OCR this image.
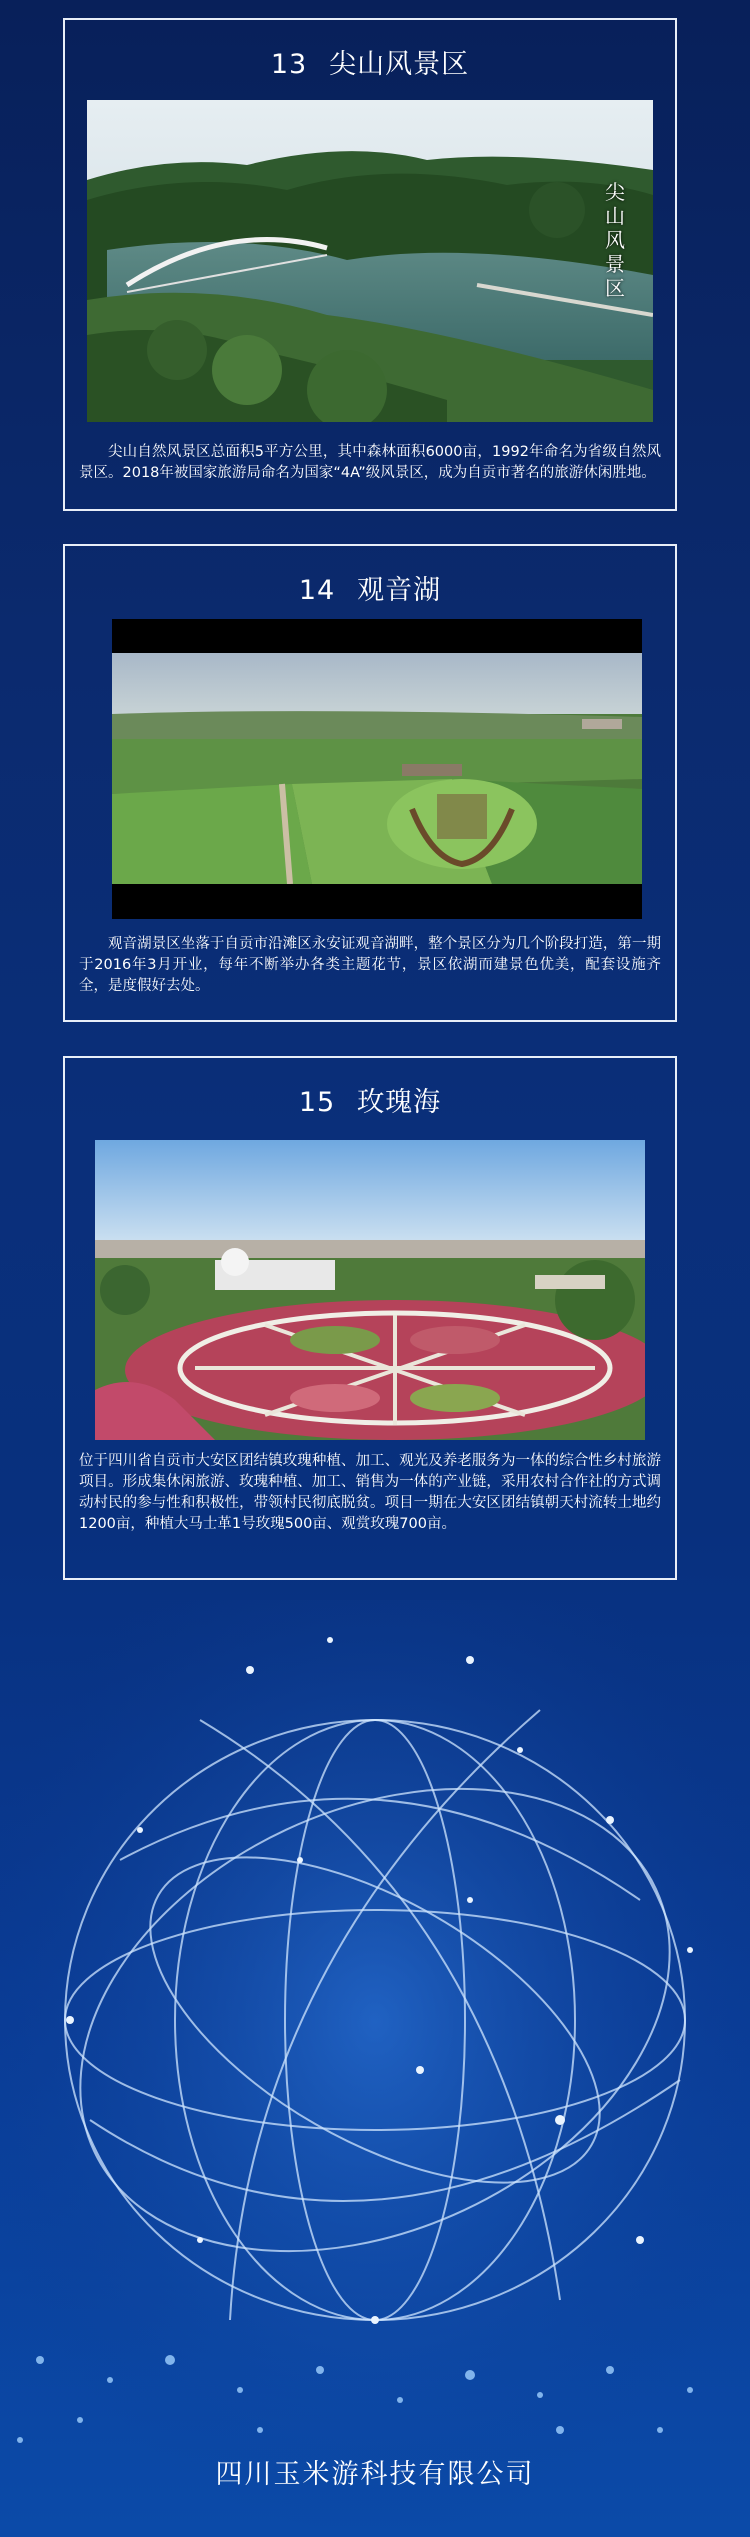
13 尖山风景区
尖山风景区
尖山自然风景区总面积5平方公里，其中森林面积6000亩，1992年命名为省级自然风景区。2018年被国家旅游局命名为国家“4A”级风景区，成为自贡市著名的旅游休闲胜地。
14 观音湖
观音湖景区坐落于自贡市沿滩区永安证观音湖畔，整个景区分为几个阶段打造，第一期于2016年3月开业，每年不断举办各类主题花节，景区依湖而建景色优美，配套设施齐全，是度假好去处。
15 玫瑰海
位于四川省自贡市大安区团结镇玫瑰种植、加工、观光及养老服务为一体的综合性乡村旅游项目。形成集休闲旅游、玫瑰种植、加工、销售为一体的产业链，采用农村合作社的方式调动村民的参与性和积极性，带领村民彻底脱贫。项目一期在大安区团结镇朝天村流转土地约1200亩，种植大马士革1号玫瑰500亩、观赏玫瑰700亩。
四川玉米游科技有限公司
